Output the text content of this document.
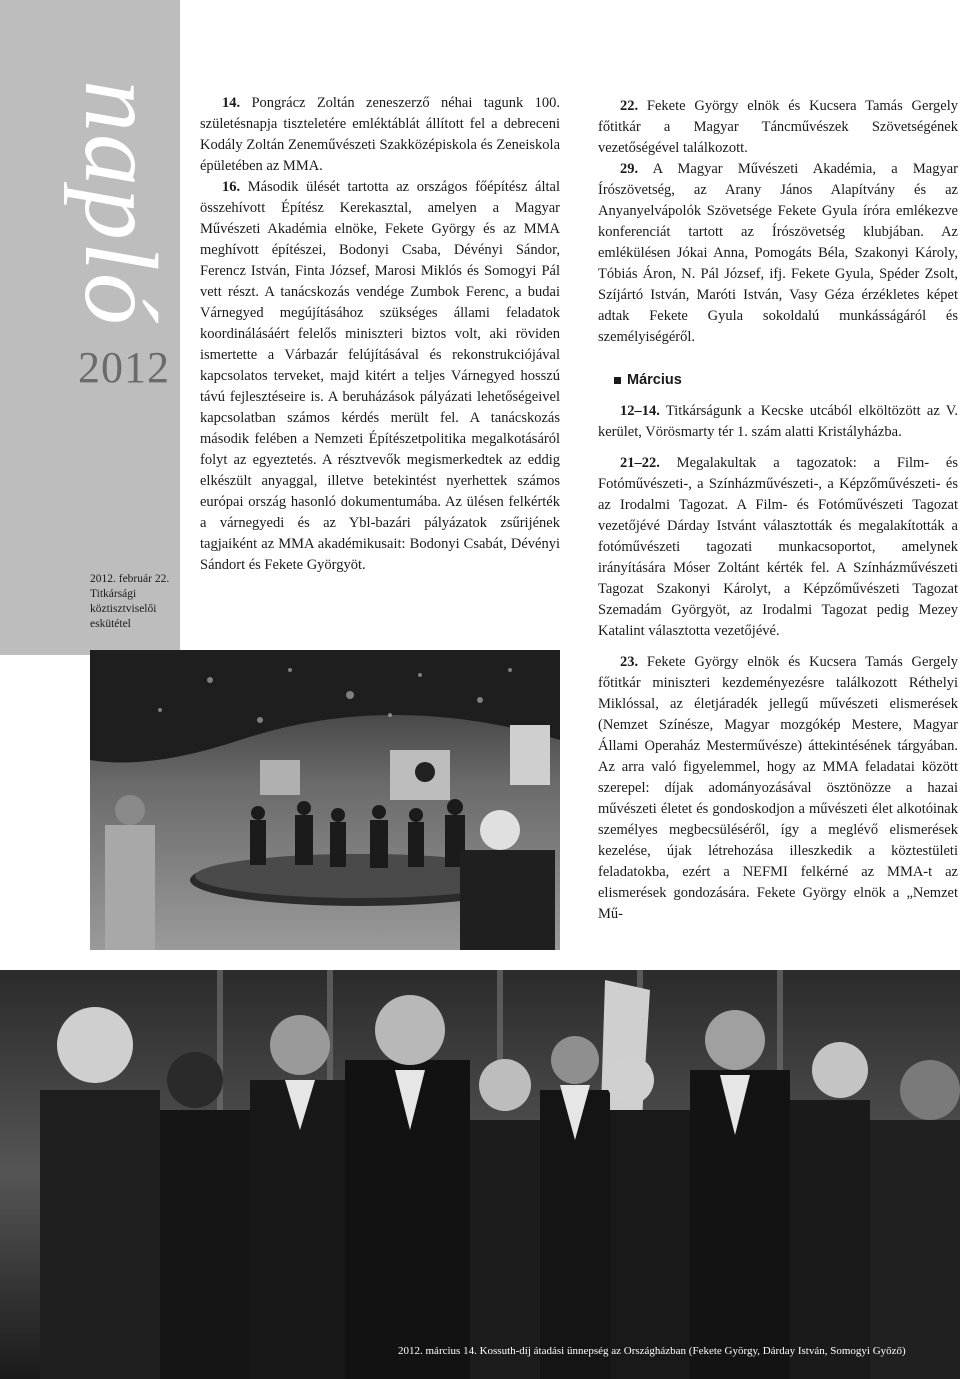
napló
2012
2012. február 22.
Titkársági
köztisztviselői
eskütétel

14. Pongrácz Zoltán zeneszerző néhai tagunk 100. születésnapja tiszteletére emléktáblát állított fel a debreceni Kodály Zoltán Zeneművészeti Szakközépiskola és Zeneiskola épületében az MMA.

16. Második ülését tartotta az országos főépítész által összehívott Építész Kerekasztal, amelyen a Magyar Művészeti Akadémia elnöke, Fekete György és az MMA meghívott építészei, Bodonyi Csaba, Dévényi Sándor, Ferencz István, Finta József, Marosi Miklós és Somogyi Pál vett részt. A tanácskozás vendége Zumbok Ferenc, a budai Várnegyed megújításához szükséges állami feladatok koordinálásáért felelős miniszteri biztos volt, aki röviden ismertette a Várbazár felújításával és rekonstrukciójával kapcsolatos terveket, majd kitért a teljes Várnegyed hosszú távú fejlesztéseire is. A beruházások pályázati lehetőségeivel kapcsolatban számos kérdés merült fel. A tanácskozás második felében a Nemzeti Építészetpolitika megalkotásáról folyt az egyeztetés. A résztvevők megismerkedtek az eddig elkészült anyaggal, illetve betekintést nyerhettek számos európai ország hasonló dokumentumába. Az ülésen felkérték a várnegyedi és az Ybl-bazári pályázatok zsűrijének tagjaiként az MMA akadémikusait: Bodonyi Csabát, Dévényi Sándort és Fekete Györgyöt.

22. Fekete György elnök és Kucsera Tamás Gergely főtitkár a Magyar Táncművészek Szövetségének vezetőségével találkozott.

29. A Magyar Művészeti Akadémia, a Magyar Írószövetség, az Arany János Alapítvány és az Anyanyelvápolók Szövetsége Fekete Gyula íróra emlékezve konferenciát tartott az Írószövetség klubjában. Az emlékülésen Jókai Anna, Pomogáts Béla, Szakonyi Károly, Tóbiás Áron, N. Pál József, ifj. Fekete Gyula, Spéder Zsolt, Szíjártó István, Maróti István, Vasy Géza érzékletes képet adtak Fekete Gyula sokoldalú munkásságáról és személyiségéről.

Március

12–14. Titkárságunk a Kecske utcából elköltözött az V. kerület, Vörösmarty tér 1. szám alatti Kristályházba.

21–22. Megalakultak a tagozatok: a Film- és Fotóművészeti-, a Színházművészeti-, a Képzőművészeti- és az Irodalmi Tagozat. A Film- és Fotóművészeti Tagozat vezetőjévé Dárday Istvánt választották és megalakították a fotóművészeti tagozati munkacsoportot, amelynek irányítására Móser Zoltánt kérték fel. A Színházművészeti Tagozat Szakonyi Károlyt, a Képzőművészeti Tagozat Szemadám Györgyöt, az Irodalmi Tagozat pedig Mezey Katalint választotta vezetőjévé.

23. Fekete György elnök és Kucsera Tamás Gergely főtitkár miniszteri kezdeményezésre találkozott Réthelyi Miklóssal, az életjáradék jellegű művészeti elismerések (Nemzet Színésze, Magyar mozgókép Mestere, Magyar Állami Operaház Mesterművésze) áttekintésének tárgyában. Az arra való figyelemmel, hogy az MMA feladatai között szerepel: díjak adományozásával ösztönözze a hazai művészeti életet és gondoskodjon a művészeti élet alkotóinak személyes megbecsüléséről, így a meglévő elismerések kezelése, újak létrehozása illeszkedik a köztestületi feladatokba, ezért a NEFMI felkérné az MMA-t az elismerések gondozására. Fekete György elnök a „Nemzet Mű-

2012. március 14. Kossuth-díj átadási ünnepség az Országházban (Fekete György, Dárday István, Somogyi Győző)
